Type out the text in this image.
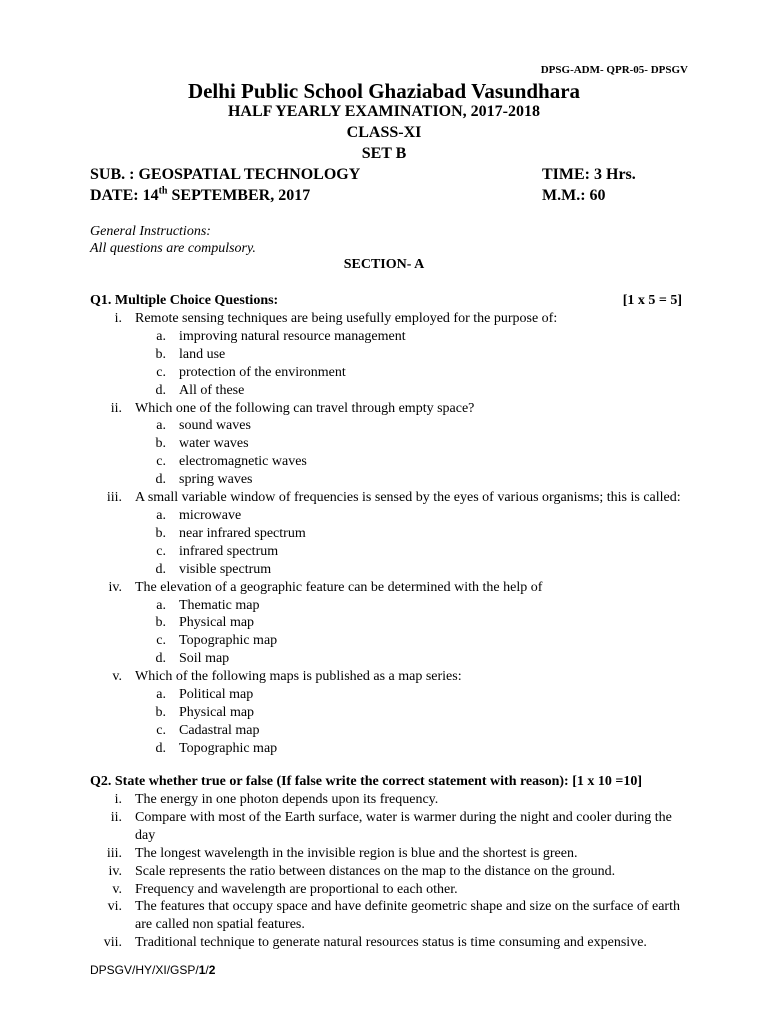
DPSG-ADM- QPR-05- DPSGV
Delhi Public School Ghaziabad Vasundhara
HALF YEARLY EXAMINATION, 2017-2018
CLASS-XI
SET B
SUB. : GEOSPATIAL TECHNOLOGY	TIME: 3 Hrs.
DATE: 14th SEPTEMBER, 2017	M.M.: 60
General Instructions:
All questions are compulsory.
SECTION- A
Q1. Multiple Choice Questions:	[1 x 5 = 5]
i. Remote sensing techniques are being usefully employed for the purpose of:
a. improving natural resource management
b. land use
c. protection of the environment
d. All of these
ii. Which one of the following can travel through empty space?
a. sound waves
b. water waves
c. electromagnetic waves
d. spring waves
iii. A small variable window of frequencies is sensed by the eyes of various organisms; this is called:
a. microwave
b. near infrared spectrum
c. infrared spectrum
d. visible spectrum
iv. The elevation of a geographic feature can be determined with the help of
a. Thematic map
b. Physical map
c. Topographic map
d. Soil map
v. Which of the following maps is published as a map series:
a. Political map
b. Physical map
c. Cadastral map
d. Topographic map
Q2. State whether true or false (If false write the correct statement with reason): [1 x 10 =10]
i. The energy in one photon depends upon its frequency.
ii. Compare with most of the Earth surface, water is warmer during the night and cooler during the day
iii. The longest wavelength in the invisible region is blue and the shortest is green.
iv. Scale represents the ratio between distances on the map to the distance on the ground.
v. Frequency and wavelength are proportional to each other.
vi. The features that occupy space and have definite geometric shape and size on the surface of earth are called non spatial features.
vii. Traditional technique to generate natural resources status is time consuming and expensive.
DPSGV/HY/XI/GSP/1/2
